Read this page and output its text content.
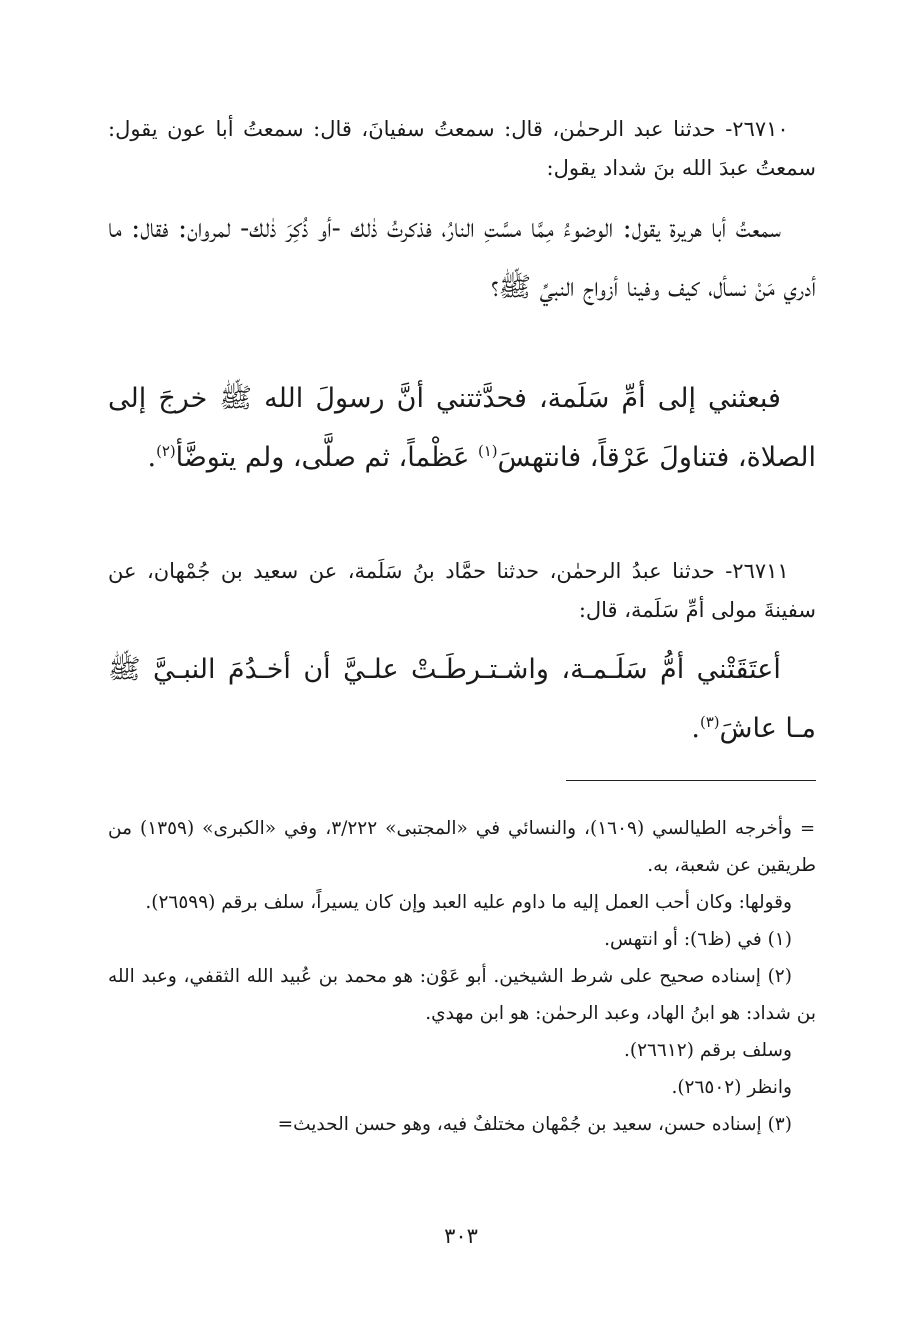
٢٦٧١٠- حدثنا عبد الرحمٰن، قال: سمعتُ سفيانَ، قال: سمعتُ أبا عون يقول: سمعتُ عبدَ الله بنَ شداد يقول:
سمعتُ أبا هريرة يقول: الوضوءُ مِمَّا مسَّتِ النارُ، فذكرتُ ذٰلك -أو ذُكِرَ ذٰلك- لمروان: فقال: ما أدري مَنْ نسأل، كيف وفينا أزواج النبيِّ ﷺ؟
فبعثني إلى أمِّ سَلَمة، فحدَّثتني أنَّ رسولَ الله ﷺ خرجَ إلى الصلاة، فتناولَ عَرْقاً، فانتهسَ$^{(١)}$ عَظْماً، ثم صلَّى، ولم يتوضَّأ$^{(٢)}$.
٢٦٧١١- حدثنا عبدُ الرحمٰن، حدثنا حمَّاد بنُ سَلَمة، عن سعيد بن جُمْهان، عن سفينةَ مولى أمِّ سَلَمة، قال:
أعتَقَتْني أمُّ سَلَـمـة، واشـتـرطَـتْ علـيَّ أن أخـدُمَ النبـيَّ ﷺ مـا عاشَ$^{(٣)}$.
=
وأخرجه الطيالسي (١٦٠٩)، والنسائي في «المجتبى» ٣/٢٢٢، وفي «الكبرى» (١٣٥٩) من طريقين عن شعبة، به.
وقولها: وكان أحب العمل إليه ما داوم عليه العبد وإن كان يسيراً، سلف برقم (٢٦٥٩٩).
(١) في (ظ٦): أو انتهس.
(٢) إسناده صحيح على شرط الشيخين. أبو عَوْن: هو محمد بن عُبيد الله الثقفي، وعبد الله بن شداد: هو ابنُ الهاد، وعبد الرحمٰن: هو ابن مهدي.
وسلف برقم (٢٦٦١٢).
وانظر (٢٦٥٠٢).
(٣) إسناده حسن، سعيد بن جُمْهان مختلفٌ فيه، وهو حسن الحديث=
٣٠٣
